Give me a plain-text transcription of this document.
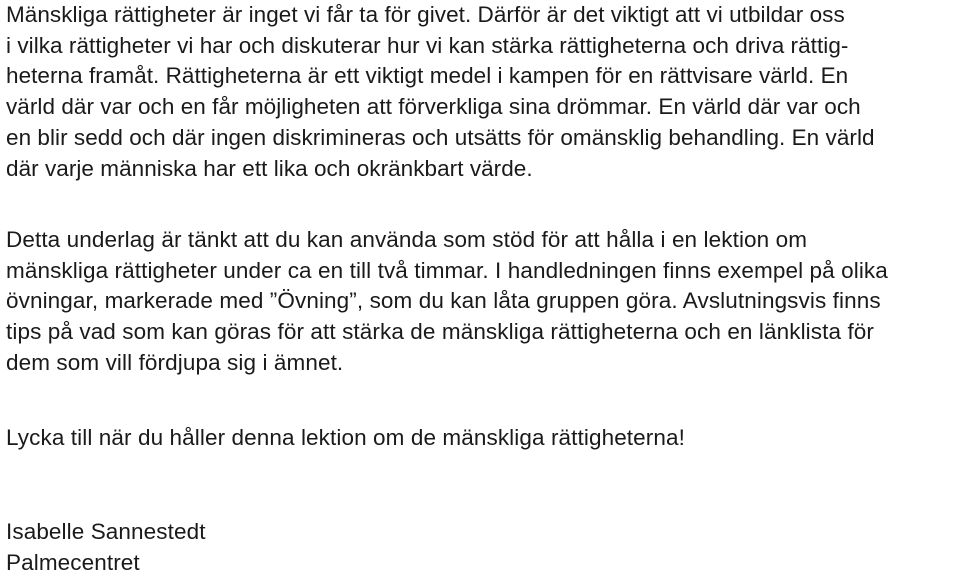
Mänskliga rättigheter är inget vi får ta för givet. Därför är det viktigt att vi utbildar oss
i vilka rättigheter vi har och diskuterar hur vi kan stärka rättigheterna och driva rättig-
heterna framåt. Rättigheterna är ett viktigt medel i kampen för en rättvisare värld. En
värld där var och en får möjligheten att förverkliga sina drömmar. En värld där var och
en blir sedd och där ingen diskrimineras och utsätts för omänsklig behandling. En värld
där varje människa har ett lika och okränkbart värde.
Detta underlag är tänkt att du kan använda som stöd för att hålla i en lektion om
mänskliga rättigheter under ca en till två timmar. I handledningen finns exempel på olika
övningar, markerade med ”Övning”, som du kan låta gruppen göra. Avslutningsvis finns
tips på vad som kan göras för att stärka de mänskliga rättigheterna och en länklista för
dem som vill fördjupa sig i ämnet.
Lycka till när du håller denna lektion om de mänskliga rättigheterna!
Isabelle Sannestedt
Palmecentret
